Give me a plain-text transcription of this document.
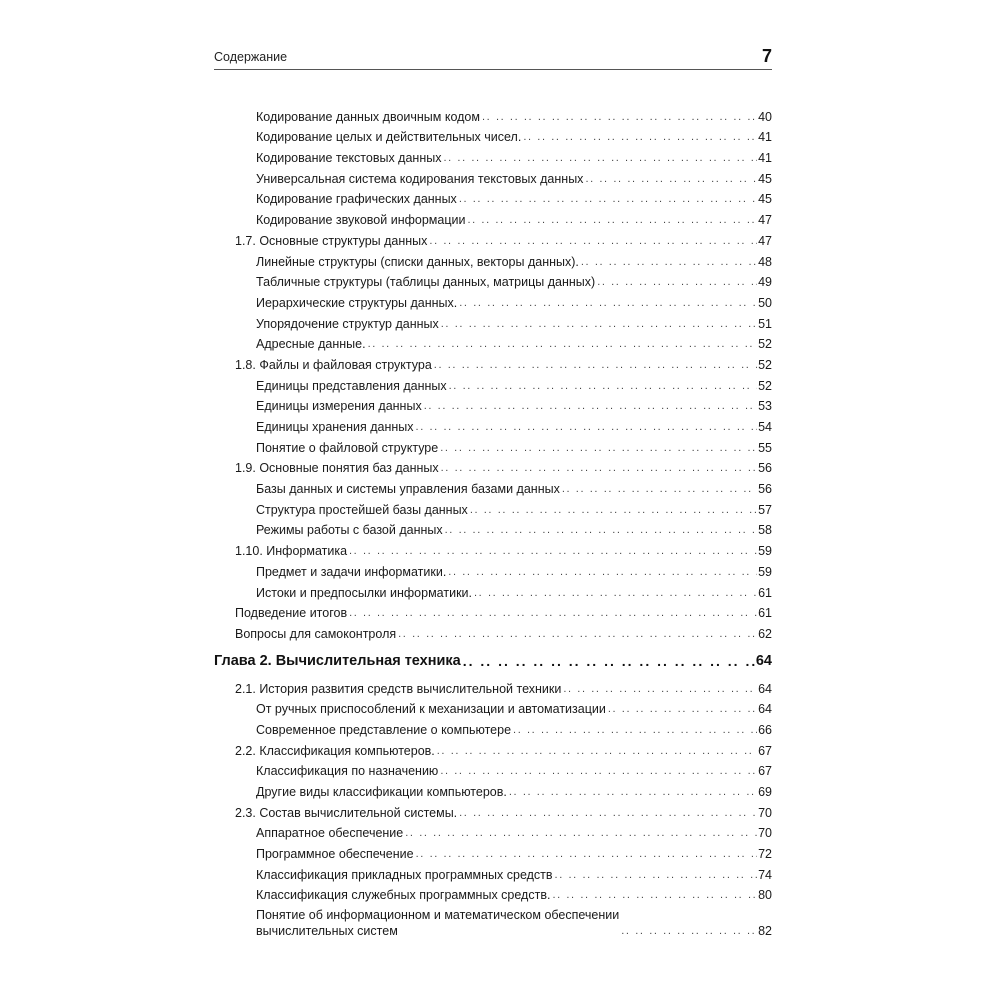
Содержание	7
Кодирование данных двоичным кодом .. ..	40
Кодирование целых и действительных чисел. .. ..	41
Кодирование текстовых данных .. ..	41
Универсальная система кодирования текстовых данных .. ..	45
Кодирование графических данных .. ..	45
Кодирование звуковой информации .. ..	47
1.7. Основные структуры данных .. ..	47
Линейные структуры (списки данных, векторы данных). .. ..	48
Табличные структуры (таблицы данных, матрицы данных) .. ..	49
Иерархические структуры данных. .. ..	50
Упорядочение структур данных .. ..	51
Адресные данные. .. ..	52
1.8. Файлы и файловая структура .. ..	52
Единицы представления данных .. ..	52
Единицы измерения данных .. ..	53
Единицы хранения данных .. ..	54
Понятие о файловой структуре .. ..	55
1.9. Основные понятия баз данных .. ..	56
Базы данных и системы управления базами данных .. ..	56
Структура простейшей базы данных .. ..	57
Режимы работы с базой данных .. ..	58
1.10. Информатика .. ..	59
Предмет и задачи информатики. .. ..	59
Истоки и предпосылки информатики. .. ..	61
Подведение итогов .. ..	61
Вопросы для самоконтроля .. ..	62
Глава 2. Вычислительная техника .. ..	64
2.1. История развития средств вычислительной техники .. ..	64
От ручных приспособлений к механизации и автоматизации .. ..	64
Современное представление о компьютере .. ..	66
2.2. Классификация компьютеров. .. ..	67
Классификация по назначению .. ..	67
Другие виды классификации компьютеров. .. ..	69
2.3. Состав вычислительной системы. .. ..	70
Аппаратное обеспечение .. ..	70
Программное обеспечение .. ..	72
Классификация прикладных программных средств .. ..	74
Классификация служебных программных средств. .. ..	80
Понятие об информационном и математическом обеспечении
вычислительных систем .. ..	82
